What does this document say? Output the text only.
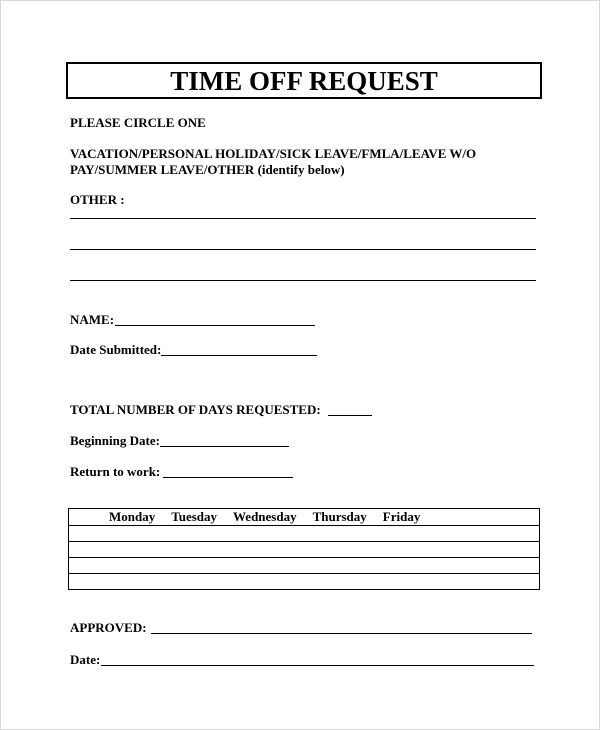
TIME OFF REQUEST
PLEASE CIRCLE ONE
VACATION/PERSONAL HOLIDAY/SICK LEAVE/FMLA/LEAVE W/O
PAY/SUMMER LEAVE/OTHER (identify below)
OTHER :
NAME:
Date Submitted:
TOTAL NUMBER OF DAYS REQUESTED:
Beginning Date:
Return to work:
Monday Tuesday Wednesday Thursday Friday

APPROVED:
Date:
